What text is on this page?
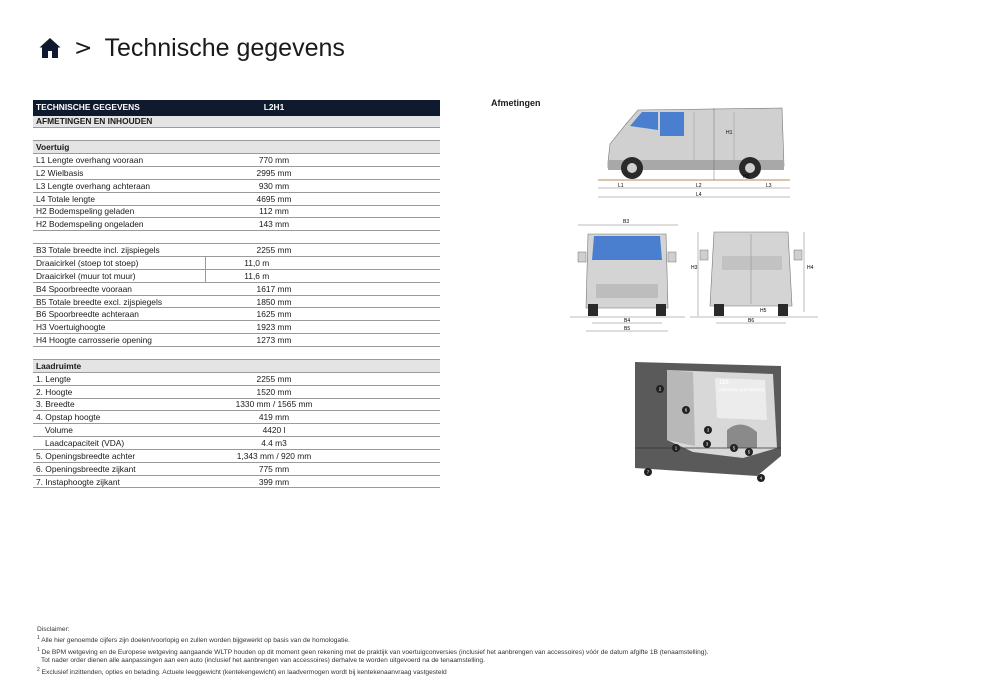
> Technische gegevens
TECHNISCHE GEGEVENS	L2H1
AFMETINGEN EN INHOUDEN	

Voertuig	
L1 Lengte overhang vooraan	770 mm
L2 Wielbasis	2995 mm
L3 Lengte overhang achteraan	930 mm
L4 Totale lengte	4695 mm
H2 Bodemspeling geladen	112 mm
H2 Bodemspeling ongeladen	143 mm

B3 Totale breedte incl. zijspiegels	2255 mm
Draaicirkel (stoep tot stoep)	11,0 m
Draaicirkel (muur tot muur)	11,6 m
B4 Spoorbreedte vooraan	1617 mm
B5 Totale breedte excl. zijspiegels	1850 mm
B6 Spoorbreedte achteraan	1625 mm
H3 Voertuighoogte	1923 mm
H4 Hoogte carrosserie opening	1273 mm

Laadruimte	
1. Lengte	2255 mm
2. Hoogte	1520 mm
3. Breedte	1330 mm / 1565 mm
4. Opstap hoogte	419 mm
Volume	4420 l
Laadcapaciteit (VDA)	4.4 m3
5. Openingsbreedte achter	1,343 mm / 920 mm
6. Openingsbreedte zijkant	775 mm
7. Instaphoogte zijkant	399 mm
Afmetingen
H1
H2
L1	L2	L3
L4
B3
B4
B5
H3	H4
H5
B6
110
(Opening optimization)
1
2
3
3
4
5
5
6
7
Disclaimer:
$^1$ Alle hier genoemde cijfers zijn doelen/voorlopig en zullen worden bijgewerkt op basis van de homologatie.
$^1$ De BPM wetgeving en de Europese wetgeving aangaande WLTP houden op dit moment geen rekening met de praktijk van voertuigconversies (inclusief het aanbrengen van accessoires) vóór de datum afgifte 1B (tenaamstelling).
Tot nader order dienen alle aanpassingen aan een auto (inclusief het aanbrengen van accessoires) derhalve te worden uitgevoerd na de tenaamstelling.
$^2$ Exclusief inzittenden, opties en belading. Actuele leeggewicht (kentekengewicht) en laadvermogen wordt bij kentekenaanvraag vastgesteld
